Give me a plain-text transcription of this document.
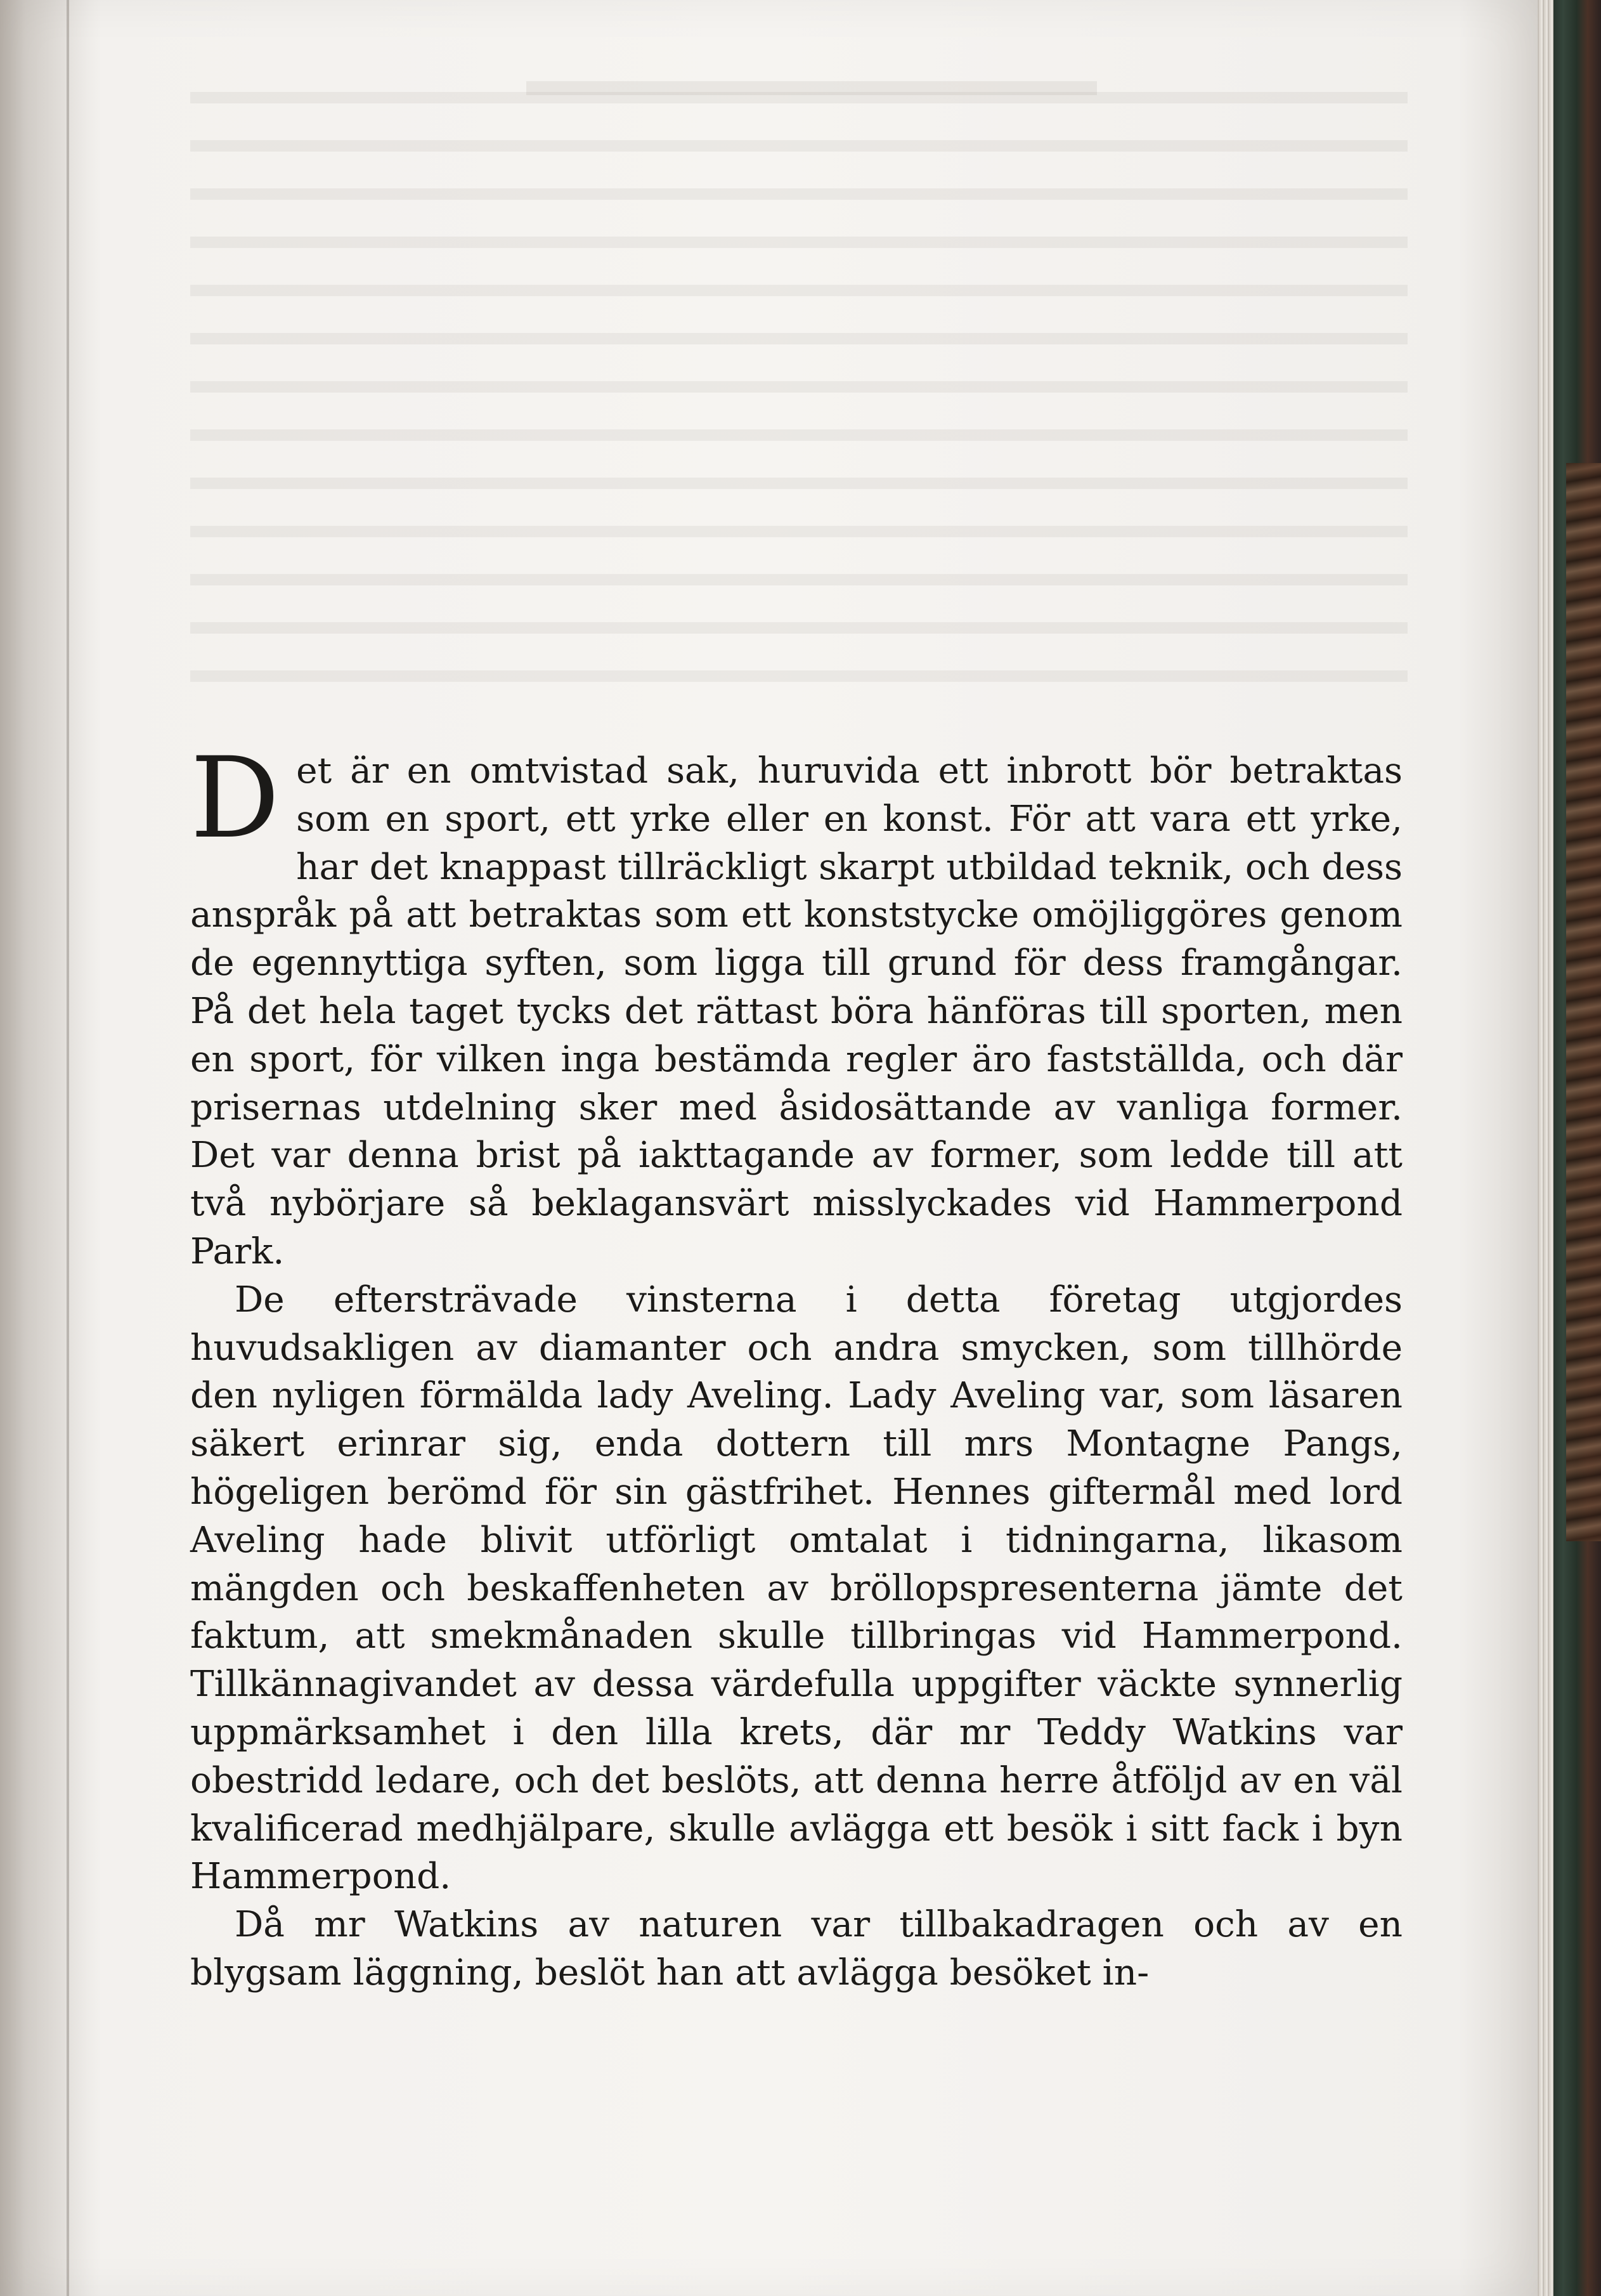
Det är en omtvistad sak, huruvida ett inbrott bör betraktas som en sport, ett yrke eller en konst. För att vara ett yrke, har det knappast tillräckligt skarpt utbildad teknik, och dess anspråk på att betraktas som ett konststycke omöjliggöres genom de egennyttiga syften, som ligga till grund för dess framgångar. På det hela taget tycks det rättast böra hänföras till sporten, men en sport, för vilken inga bestämda regler äro fastställda, och där prisernas utdelning sker med åsidosättande av vanliga former. Det var denna brist på iakttagande av former, som ledde till att två nybörjare så beklagansvärt misslyckades vid Hammerpond Park.

De eftersträvade vinsterna i detta företag utgjordes huvudsakligen av diamanter och andra smycken, som tillhörde den nyligen förmälda lady Aveling. Lady Aveling var, som läsaren säkert erinrar sig, enda dottern till mrs Montagne Pangs, högeligen berömd för sin gästfrihet. Hennes giftermål med lord Aveling hade blivit utförligt omtalat i tidningarna, likasom mängden och beskaffenheten av bröllopspresenterna jämte det faktum, att smekmånaden skulle tillbringas vid Hammerpond. Tillkännagivandet av dessa värdefulla uppgifter väckte synnerlig uppmärksamhet i den lilla krets, där mr Teddy Watkins var obestridd ledare, och det beslöts, att denna herre åtföljd av en väl kvalificerad medhjälpare, skulle avlägga ett besök i sitt fack i byn Hammerpond.

Då mr Watkins av naturen var tillbakadragen och av en blygsam läggning, beslöt han att avlägga besöket in-
